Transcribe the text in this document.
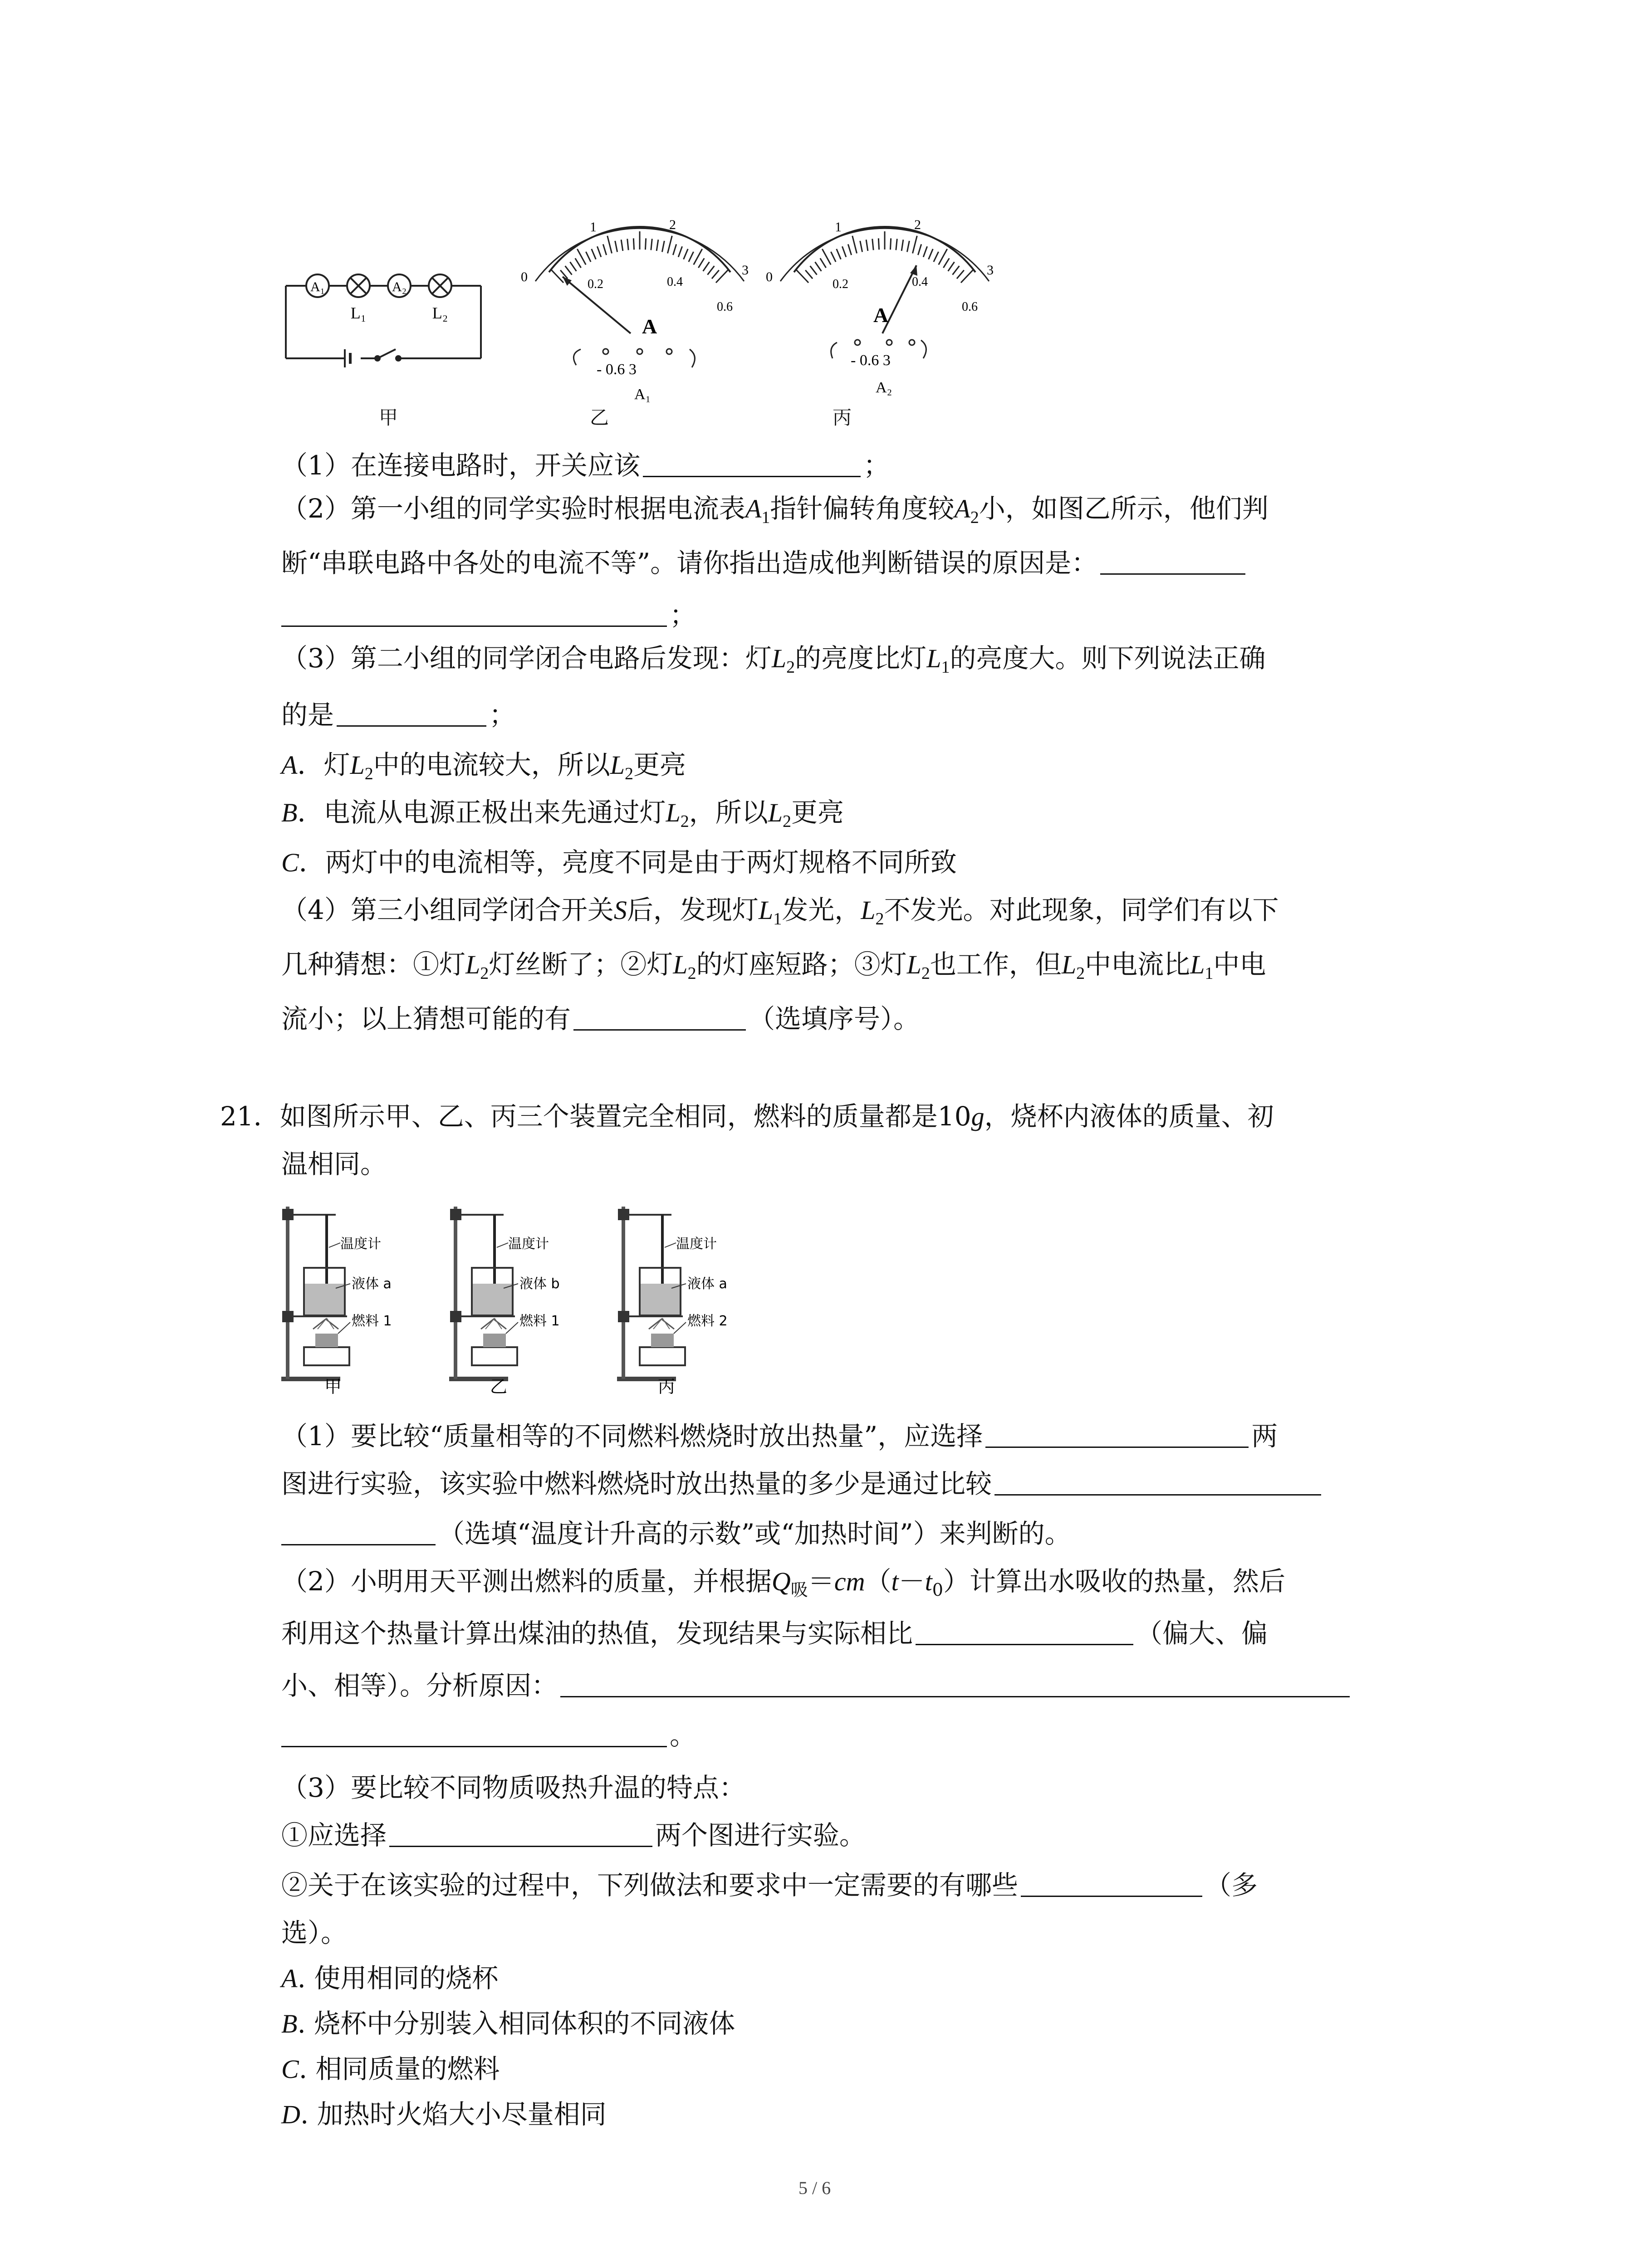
A₁	A₂
L₁	L₂
0
1	2
3
0.2	0.4
0.6
A
- 0.6 3
A₁
0
1	2
3
0.2	0.4
0.6
A
- 0.6 3
A₂
甲	乙	丙
（1）在连接电路时，开关应该	；
（2）第一小组的同学实验时根据电流表$A_1$指针偏转角度较$A_2$小，如图乙所示，他们判
断“串联电路中各处的电流不等”。请你指出造成他判断错误的原因是：
；
（3）第二小组的同学闭合电路后发现：灯$L_2$的亮度比灯$L_1$的亮度大。则下列说法正确
的是	；
A．灯$L_2$中的电流较大，所以$L_2$更亮
B．电流从电源正极出来先通过灯$L_2$，所以$L_2$更亮
C．两灯中的电流相等，亮度不同是由于两灯规格不同所致
（4）第三小组同学闭合开关S后，发现灯$L_1$发光，$L_2$不发光。对此现象，同学们有以下
几种猜想：①灯$L_2$灯丝断了；②灯$L_2$的灯座短路；③灯$L_2$也工作，但$L_2$中电流比$L_1$中电
流小；以上猜想可能的有	（选填序号）。
21．如图所示甲、乙、丙三个装置完全相同，燃料的质量都是10g，烧杯内液体的质量、初
温相同。
温度计
液体 a
燃料 1
温度计
液体 b
燃料 1
温度计
液体 a
燃料 2
甲	乙	丙
（1）要比较“质量相等的不同燃料燃烧时放出热量”，应选择	两
图进行实验，该实验中燃料燃烧时放出热量的多少是通过比较
（选填“温度计升高的示数”或“加热时间”）来判断的。
（2）小明用天平测出燃料的质量，并根据$Q_吸=cm(t-t_0)$计算出水吸收的热量，然后
利用这个热量计算出煤油的热值，发现结果与实际相比	（偏大、偏
小、相等）。分析原因：
。
（3）要比较不同物质吸热升温的特点：
①应选择	两个图进行实验。
②关于在该实验的过程中，下列做法和要求中一定需要的有哪些	（多
选）。
A. 使用相同的烧杯
B. 烧杯中分别装入相同体积的不同液体
C. 相同质量的燃料
D. 加热时火焰大小尽量相同
5 / 6
